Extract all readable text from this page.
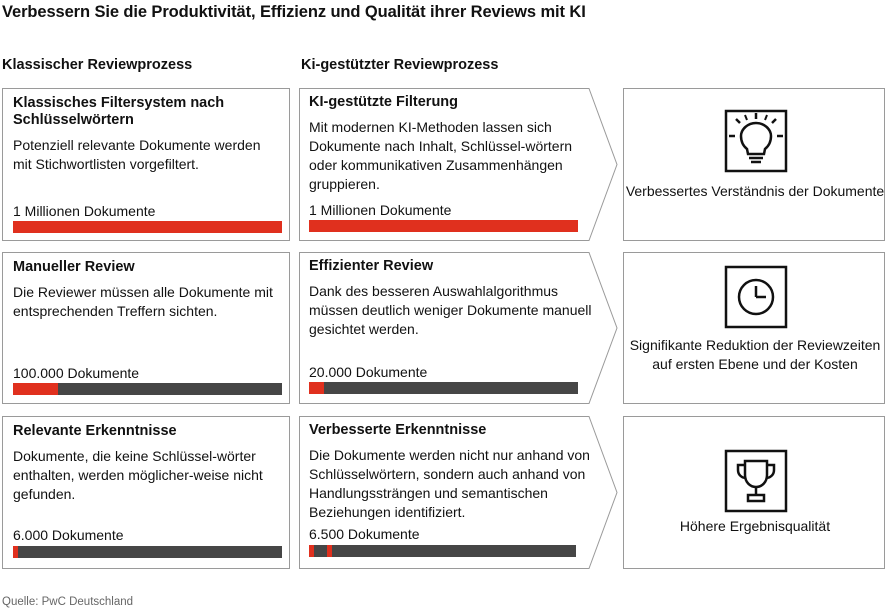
Verbessern Sie die Produktivität, Effizienz und Qualität ihrer Reviews mit KI
Klassischer Reviewprozess	Ki-gestützter Reviewprozess
Klassisches Filtersystem nach Schlüsselwörtern
Potenziell relevante Dokumente werden mit Stichwortlisten vorgefiltert.
1 Millionen Dokumente
KI-gestützte Filterung
Mit modernen KI-Methoden lassen sich Dokumente nach Inhalt, Schlüssel-wörtern oder kommunikativen Zusammenhängen gruppieren.
1 Millionen Dokumente
Verbessertes Verständnis der Dokumente
Manueller Review
Die Reviewer müssen alle Dokumente mit entsprechenden Treffern sichten.
100.000 Dokumente
Effizienter Review
Dank des besseren Auswahlalgorithmus müssen deutlich weniger Dokumente manuell gesichtet werden.
20.000 Dokumente
Signifikante Reduktion der Reviewzeiten auf ersten Ebene und der Kosten
Relevante Erkenntnisse
Dokumente, die keine Schlüssel-wörter enthalten, werden möglicher-weise nicht gefunden.
6.000 Dokumente
Verbesserte Erkenntnisse
Die Dokumente werden nicht nur anhand von Schlüsselwörtern, sondern auch anhand von Handlungssträngen und semantischen Beziehungen identifiziert.
6.500 Dokumente	Höhere Ergebnisqualität
Quelle: PwC Deutschland
